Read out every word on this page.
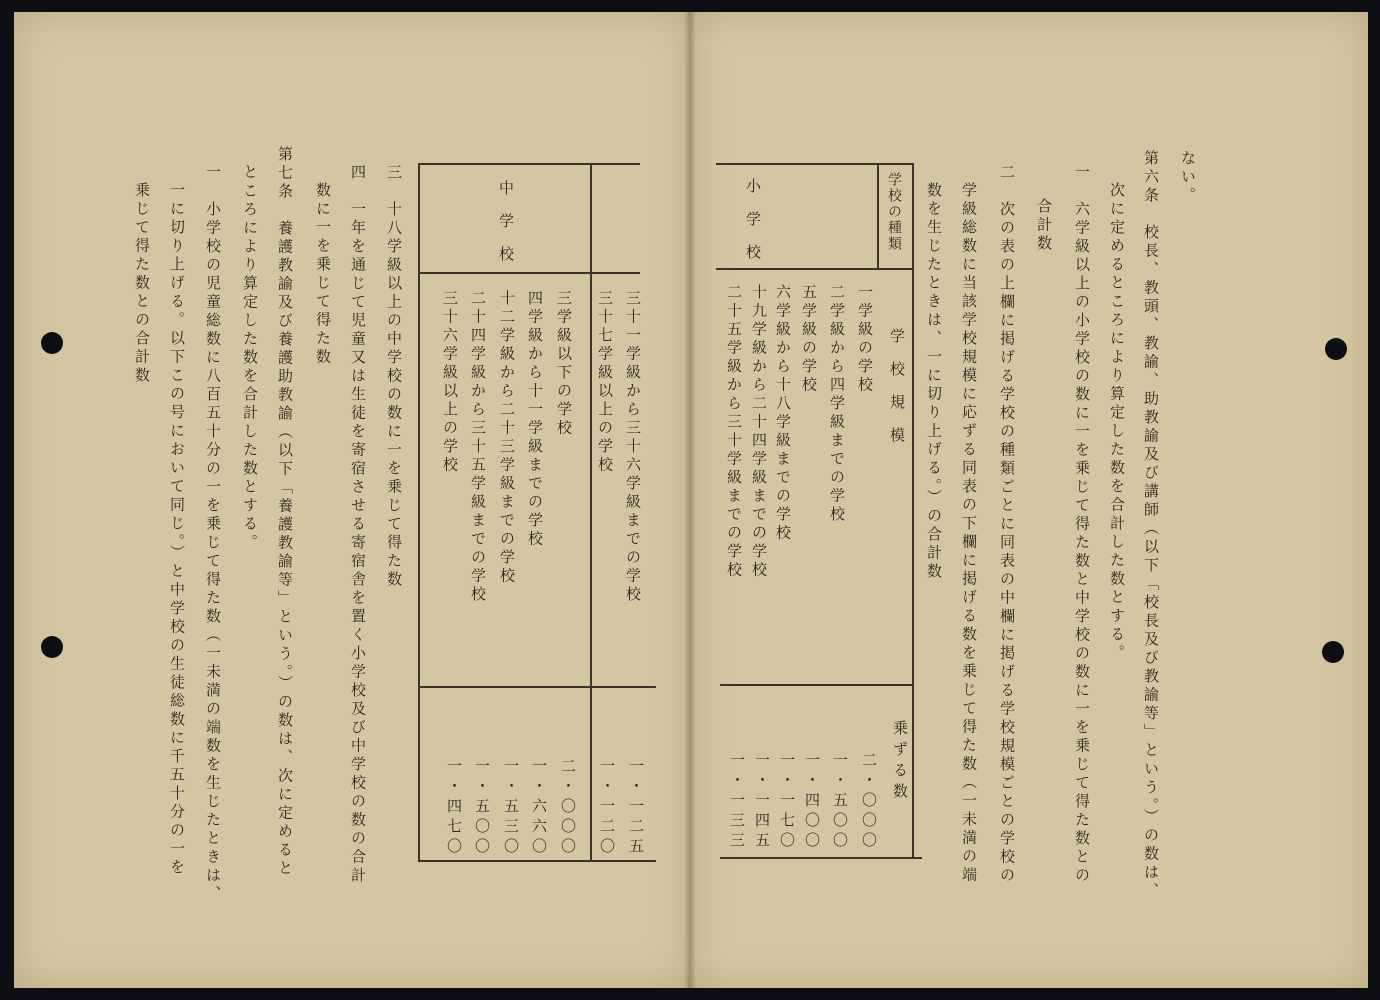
ない。
第六条　校長、教頭、教諭、助教諭及び講師（以下「校長及び教諭等」という。）の数は、
次に定めるところにより算定した数を合計した数とする。
一　六学級以上の小学校の数に一を乗じて得た数と中学校の数に一を乗じて得た数との
合計数
二　次の表の上欄に掲げる学校の種類ごとに同表の中欄に掲げる学校規模ごとの学校の
学級総数に当該学校規模に応ずる同表の下欄に掲げる数を乗じて得た数（一未満の端
数を生じたときは、一に切り上げる。）の合計数
学校の種類
学校規模
乗ずる数
小学校
一学級の学校
二学級から四学級までの学校
五学級の学校
六学級から十八学級までの学校
十九学級から二十四学級までの学校
二十五学級から三十学級までの学校
二・〇〇〇
一・五〇〇
一・四〇〇
一・一七〇
一・一四五
一・一三三
中学校
三十一学級から三十六学級までの学校
三十七学級以上の学校
三学級以下の学校
四学級から十一学級までの学校
十二学級から二十三学級までの学校
二十四学級から三十五学級までの学校
三十六学級以上の学校
一・一二五
一・一二〇
二・〇〇〇
一・六六〇
一・五三〇
一・五〇〇
一・四七〇
三　十八学級以上の中学校の数に一を乗じて得た数
四　一年を通じて児童又は生徒を寄宿させる寄宿舎を置く小学校及び中学校の数の合計
数に一を乗じて得た数
第七条　養護教諭及び養護助教諭（以下「養護教諭等」という。）の数は、次に定めると
ところにより算定した数を合計した数とする。
一　小学校の児童総数に八百五十分の一を乗じて得た数（一未満の端数を生じたときは、
一に切り上げる。以下この号において同じ。）と中学校の生徒総数に千五十分の一を
乗じて得た数との合計数
